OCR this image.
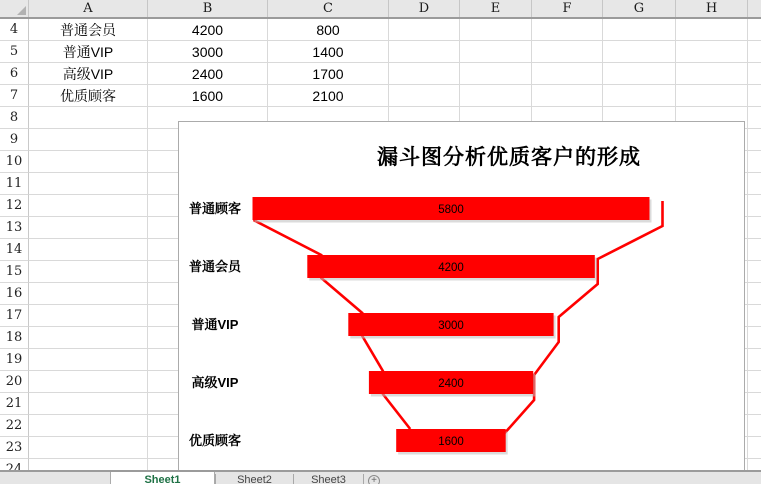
A	B	C	D	E	F	G	H
4	普通会员	4200	800
5	普通VIP	3000	1400
6	高级VIP	2400	1700
7	优质顾客	1600	2100
8
9
10
11
12
13
14
15
16
17
18
19
20
21
22
23
漏斗图分析优质客户的形成
5800
普通顾客
4200
普通会员
3000
普通VIP
2400
高级VIP
1600
优质顾客
+
Sheet1	Sheet2	Sheet3
